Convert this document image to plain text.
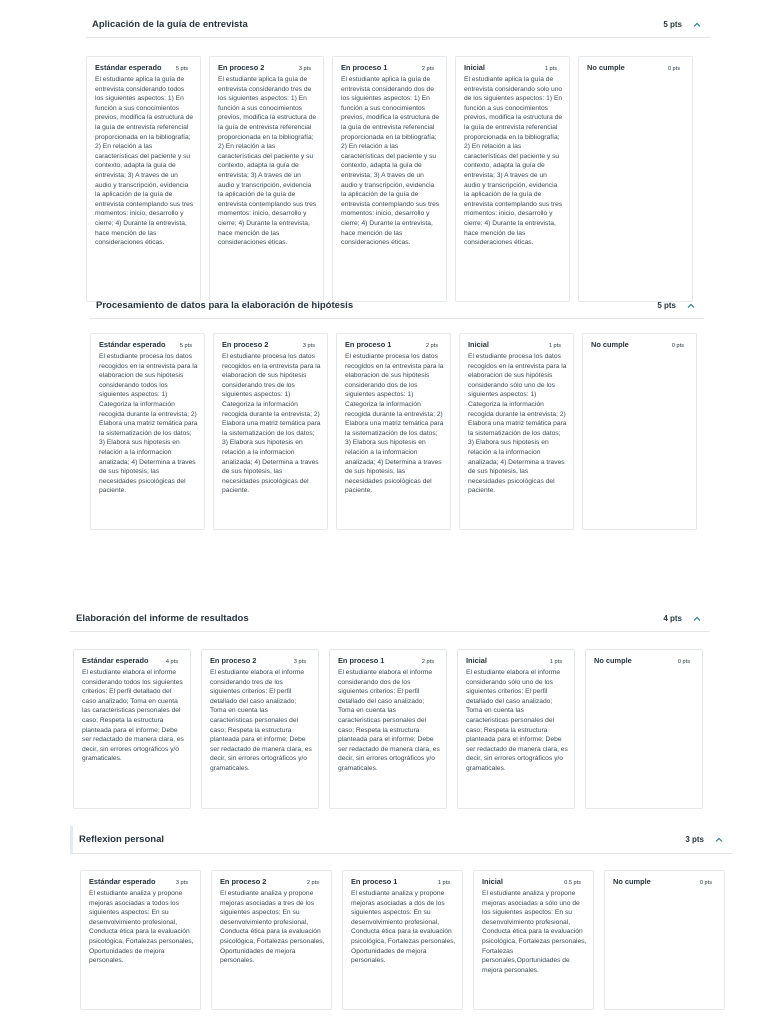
Aplicación de la guía de entrevista	5 pts
Estándar esperado	5 pts
El estudiante aplica la guía de entrevista considerando todos los siguientes aspectos: 1) En función a sus conocimientos previos, modifica la estructura de la guía de entrevista referencial proporcionada en la bibliografía; 2) En relación a las características del paciente y su contexto, adapta la guía de entrevista; 3) A traves de un audio y transcripción, evidencia la aplicación de la guía de entrevista contemplando sus tres momentos: inicio, desarrollo y cierre; 4) Durante la entrevista, hace mención de las consideraciones éticas.
En proceso 2	3 pts
El estudiante aplica la guía de entrevista considerando tres de los siguientes aspectos: 1) En función a sus conocimientos previos, modifica la estructura de la guía de entrevista referencial proporcionada en la bibliografía; 2) En relación a las características del paciente y su contexto, adapta la guía de entrevista; 3) A traves de un audio y transcripción, evidencia la aplicación de la guía de entrevista contemplando sus tres momentos: inicio, desarrollo y cierre; 4) Durante la entrevista, hace mención de las consideraciones éticas.
En proceso 1	2 pts
El estudiante aplica la guía de entrevista considerando dos de los siguientes aspectos: 1) En función a sus conocimientos previos, modifica la estructura de la guía de entrevista referencial proporcionada en la bibliografía; 2) En relación a las características del paciente y su contexto, adapta la guía de entrevista; 3) A traves de un audio y transcripción, evidencia la aplicación de la guía de entrevista contemplando sus tres momentos: inicio, desarrollo y cierre; 4) Durante la entrevista, hace mención de las consideraciones éticas.
Inicial	1 pts
El estudiante aplica la guía de entrevista considerando solo uno de los siguientes aspectos: 1) En función a sus conocimientos previos, modifica la estructura de la guía de entrevista referencial proporcionada en la bibliografía; 2) En relación a las características del paciente y su contexto, adapta la guía de entrevista; 3) A traves de un audio y transcripción, evidencia la aplicación de la guía de entrevista contemplando sus tres momentos: inicio, desarrollo y cierre; 4) Durante la entrevista, hace mención de las consideraciones éticas.
No cumple	0 pts
Procesamiento de datos para la elaboración de hipótesis	5 pts
Estándar esperado	5 pts
El estudiante procesa los datos recogidos en la entrevista para la elaboracion de sus hipótesis considerando todos los siguientes aspectos: 1) Categoriza la información recogida durante la entrevista; 2) Elabora una matriz temática para la sistematización de los datos; 3) Elabora sus hipotesis en relación a la informacion analizada; 4) Determina a traves de sus hipotesis, las necesidades psicológicas del paciente.
En proceso 2	3 pts
El estudiante procesa los datos recogidos en la entrevista para la elaboracion de sus hipótesis considerando tres de los siguientes aspectos: 1) Categoriza la información recogida durante la entrevista; 2) Elabora una matriz temática para la sistematización de los datos; 3) Elabora sus hipotesis en relación a la informacion analizada; 4) Determina a traves de sus hipotesis, las necesidades psicológicas del paciente.
En proceso 1	2 pts
El estudiante procesa los datos recogidos en la entrevista para la elaboracion de sus hipótesis considerando dos de los siguientes aspectos: 1) Categoriza la información recogida durante la entrevista; 2) Elabora una matriz temática para la sistematización de los datos; 3) Elabora sus hipotesis en relación a la informacion analizada; 4) Determina a traves de sus hipotesis, las necesidades psicológicas del paciente.
Inicial	1 pts
El estudiante procesa los datos recogidos en la entrevista para la elaboracion de sus hipótesis considerando sólo uno de los siguientes aspectos: 1) Categoriza la información recogida durante la entrevista; 2) Elabora una matriz temática para la sistematización de los datos; 3) Elabora sus hipotesis en relación a la informacion analizada; 4) Determina a traves de sus hipotesis, las necesidades psicológicas del paciente.
No cumple	0 pts
Elaboración del informe de resultados	4 pts
Estándar esperado	4 pts
El estudiante elabora el informe considerando todos los siguientes criterios: El perfil detallado del caso analizado; Toma en cuenta las caracteristicas personales del caso; Respeta la estructura planteada para el informe; Debe ser redactado de manera clara, es decir, sin errores ortográficos y/o gramaticales.
En proceso 2	3 pts
El estudiante elabora el informe considerando tres de los siguientes criterios: El perfil detallado del caso analizado; Toma en cuenta las caracteristicas personales del caso; Respeta la estructura planteada para el informe; Debe ser redactado de manera clara, es decir, sin errores ortográficos y/o gramaticales.
En proceso 1	2 pts
El estudiante elabora el informe considerando dos de los siguientes criterios: El perfil detallado del caso analizado; Toma en cuenta las caracteristicas personales del caso; Respeta la estructura planteada para el informe; Debe ser redactado de manera clara, es decir, sin errores ortográficos y/o gramaticales.
Inicial	1 pts
El estudiante elabora el informe considerando sólo uno de los siguientes criterios: El perfil detallado del caso analizado; Toma en cuenta las caracteristicas personales del caso; Respeta la estructura planteada para el informe; Debe ser redactado de manera clara, es decir, sin errores ortográficos y/o gramaticales.
No cumple	0 pts
Reflexion personal	3 pts
Estándar esperado	3 pts
El estudiante analiza y propone mejoras asociadas a todos los siguientes aspectos: En su desenvolvimiento profesional, Conducta ética para la evaluación psicológica, Fortalezas personales, Oportunidades de mejora personales.
En proceso 2	2 pts
El estudiante analiza y propone mejoras asociadas a tres de los siguientes aspectos: En su desenvolvimiento profesional, Conducta ética para la evaluación psicológica, Fortalezas personales, Oportunidades de mejora personales.
En proceso 1	1 pts
El estudiante analiza y propone mejoras asociadas a dos de los siguientes aspectos: En su desenvolvimiento profesional, Conducta ética para la evaluación psicológica, Fortalezas personales, Oportunidades de mejora personales.
Inicial	0.5 pts
El estudiante analiza y propone mejoras asociadas a sólo uno de los siguientes aspectos: En su desenvolvimiento profesional, Conducta ética para la evaluación psicológica, Fortalezas personales, Fortalezas personales,Oportunidades de mejora personales.
No cumple	0 pts
